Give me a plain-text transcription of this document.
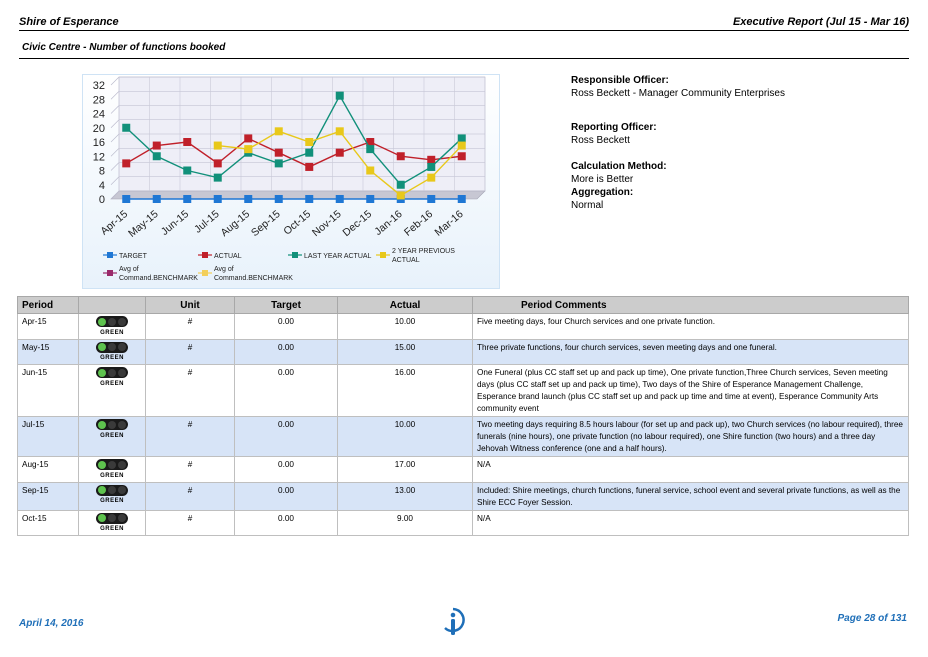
Shire of Esperance	Executive Report (Jul 15 - Mar 16)
Civic Centre - Number of functions booked
0
4
8
12
16
20
24
28
32
Apr-15
May-15
Jun-15 Jul-15
Aug-15
Sep-15
Oct-15
Nov-15
Dec-15
Jan-16
Feb-16
Mar-16
TARGET	ACTUAL	LAST YEAR ACTUAL
2 YEAR PREVIOUS
ACTUAL
Avg of
Command.BENCHMARK
Avg of
Command.BENCHMARK
Responsible Officer:
Ross Beckett - Manager Community Enterprises
Reporting Officer:
Ross Beckett
Calculation Method:
More is Better
Aggregation:
Normal
Period		Unit	Target	Actual	Period Comments
Apr-15	GREEN	#	0.00	10.00	Five meeting days, four Church services and one private function.
May-15	GREEN	#	0.00	15.00	Three private functions, four church services, seven meeting days and one funeral.
Jun-15	GREEN	#	0.00	16.00	One Funeral (plus CC staff set up and pack up time), One private function,Three Church services, Seven meeting days (plus CC staff set up and pack up time), Two days of the Shire of Esperance Management Challenge, Esperance brand launch (plus CC staff set up and pack up time and time at event), Esperance Community Arts community event
Jul-15	GREEN	#	0.00	10.00	Two meeting days requiring 8.5 hours labour (for set up and pack up), two Church services (no labour required), three funerals (nine hours), one private function (no labour required), one Shire function (two hours) and a three day Jehovah Witness conference (one and a half hours).
Aug-15	GREEN	#	0.00	17.00	N/A
Sep-15	GREEN	#	0.00	13.00	Included: Shire meetings, church functions, funeral service, school event and several private functions, as well as the Shire ECC Foyer Session.
Oct-15	GREEN	#	0.00	9.00	N/A
April 14, 2016	Page 28 of 131
